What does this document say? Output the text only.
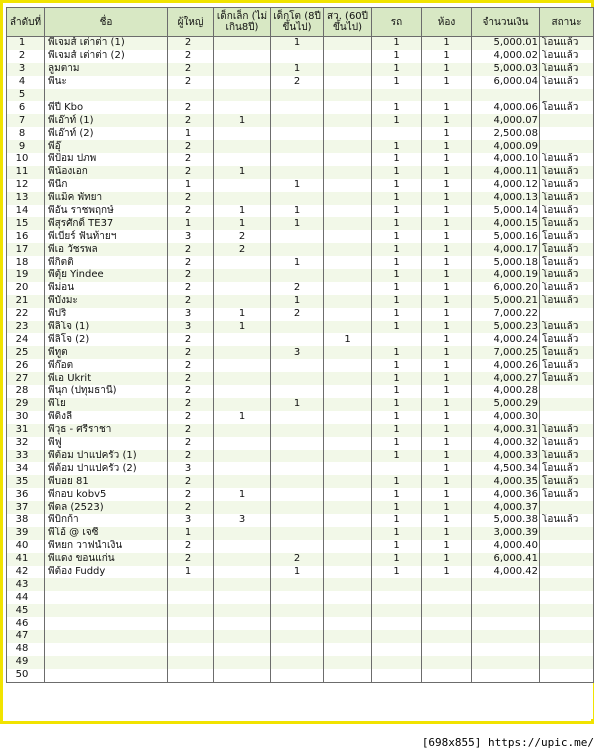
ลำดับที่	ชื่อ	ผู้ใหญ่	เด็กเล็ก (ไม่เกิน8ปี)	เด็กโต (8ปีขึ้นไป)	สว. (60ปี ขึ้นไป)	รถ	ห้อง	จำนวนเงิน	สถานะ
1	พี่เจมส์ เต่าต่า (1)	2		1		1	1	5,000.01	โอนแล้ว
2	พี่เจมส์ เต่าต่า (2)	2				1	1	4,000.02	โอนแล้ว
3	ลูมตาม	2		1		1	1	5,000.03	โอนแล้ว
4	พี่นะ	2		2		1	1	6,000.04	โอนแล้ว
5									
6	พี่ปี Kbo	2				1	1	4,000.06	โอนแล้ว
7	พี่เอ๊าท์ (1)	2	1			1	1	4,000.07	
8	พี่เอ๊าท์ (2)	1					1	2,500.08	
9	พี่อุ๊	2				1	1	4,000.09	
10	พี่ป้อม ปภพ	2				1	1	4,000.10	โอนแล้ว
11	พี่น้องเอก	2	1			1	1	4,000.11	โอนแล้ว
12	พี่นีก	1		1		1	1	4,000.12	โอนแล้ว
13	พี่แม็ค พัทยา	2				1	1	4,000.13	โอนแล้ว
14	พี่อั๋น ราชพฤกษ์	2	1	1		1	1	5,000.14	โอนแล้ว
15	พี่สุรศักดิ์ TE37	1	1	1		1	1	4,000.15	โอนแล้ว
16	พี่เบียร์ ฟันท้ายฯ	3	2			1	1	5,000.16	โอนแล้ว
17	พี่เอ วัชรพล	2	2			1	1	4,000.17	โอนแล้ว
18	พี่กิตติ	2		1		1	1	5,000.18	โอนแล้ว
19	พี่ตุ้ย Yindee	2				1	1	4,000.19	โอนแล้ว
20	พี่ม่อน	2		2		1	1	6,000.20	โอนแล้ว
21	พี่บังมะ	2		1		1	1	5,000.21	โอนแล้ว
22	พี่ปริ	3	1	2		1	1	7,000.22	
23	พี่ลิโจ (1)	3	1			1	1	5,000.23	โอนแล้ว
24	พี่ลิโจ (2)	2			1		1	4,000.24	โอนแล้ว
25	พี่ทูต	2		3		1	1	7,000.25	โอนแล้ว
26	พี่ก๊อต	2				1	1	4,000.26	โอนแล้ว
27	พี่เอ Ukrit	2				1	1	4,000.27	โอนแล้ว
28	พี่นุก (ปทุมธานี)	2				1	1	4,000.28	
29	พี่โย	2		1		1	1	5,000.29	
30	พี่ดิงลี่	2	1			1	1	4,000.30	
31	พี่วุธ - ศรีราชา	2				1	1	4,000.31	โอนแล้ว
32	พี่ฟู	2				1	1	4,000.32	โอนแล้ว
33	พี่ต้อม ปาแปครัว (1)	2				1	1	4,000.33	โอนแล้ว
34	พี่ต้อม ปาแปครัว (2)	3					1	4,500.34	โอนแล้ว
35	พี่บอย 81	2				1	1	4,000.35	โอนแล้ว
36	พี่กอบ kobv5	2	1			1	1	4,000.36	โอนแล้ว
37	พี่ดล (2523)	2				1	1	4,000.37	
38	พี่บิ๊กก้า	3	3			1	1	5,000.38	โอนแล้ว
39	พี่โอ้ @ เจซี	1				1	1	3,000.39	
40	พี่หยก วาฟน้ำเงิน	2				1	1	4,000.40	
41	พี่แดง ขอนแก่น	2		2		1	1	6,000.41	
42	พี่ต้อง Fuddy	1		1		1	1	4,000.42	
43									
44									
45									
46									
47									
48									
49									
50									
[698x855] https://upic.me/
